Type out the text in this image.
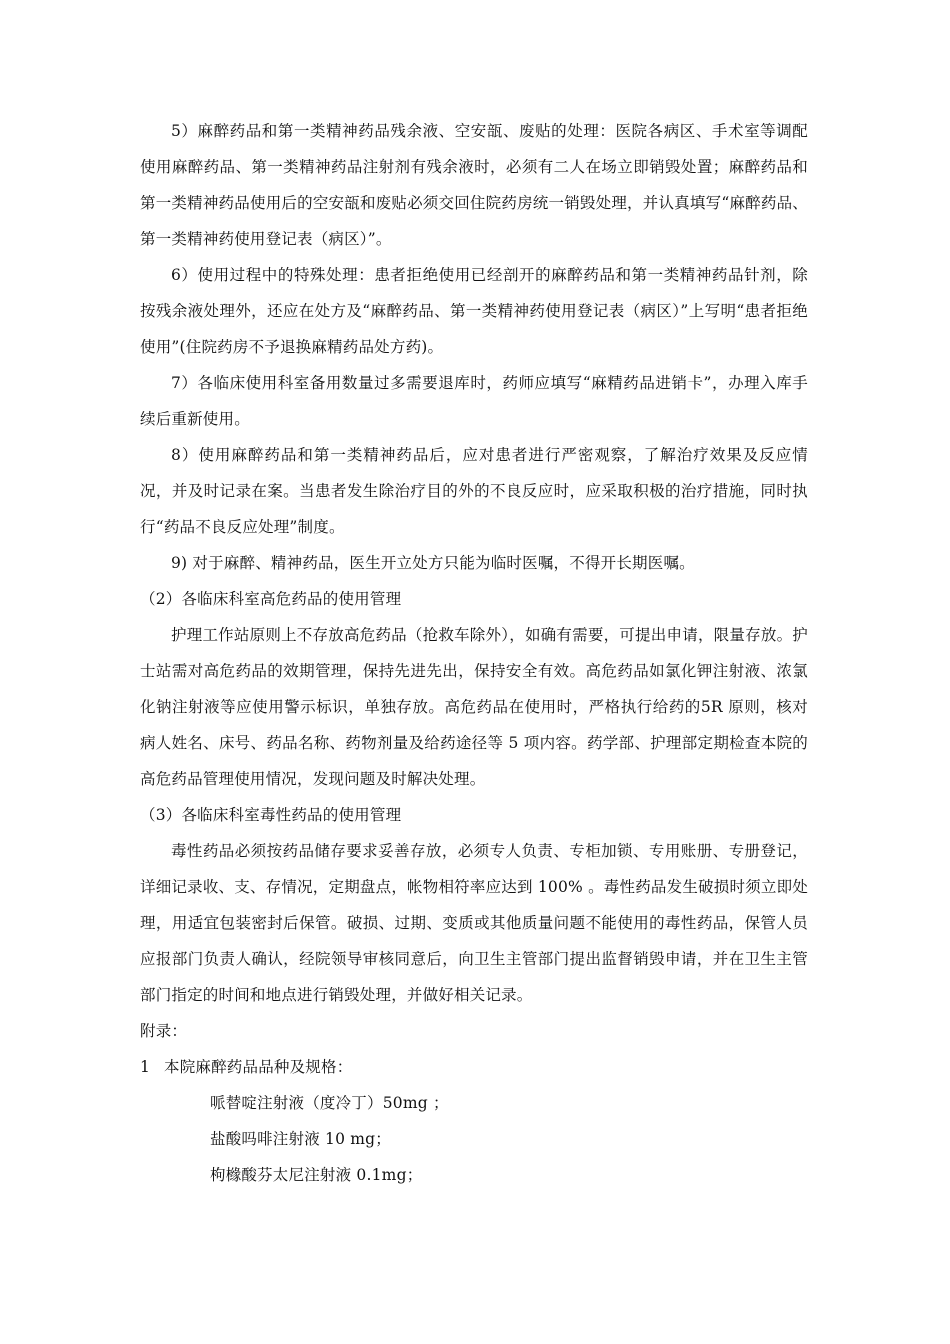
5）麻醉药品和第一类精神药品残余液、空安瓿、废贴的处理：医院各病区、手术室等调配使用麻醉药品、第一类精神药品注射剂有残余液时，必须有二人在场立即销毁处置；麻醉药品和第一类精神药品使用后的空安瓿和废贴必须交回住院药房统一销毁处理，并认真填写“麻醉药品、第一类精神药使用登记表（病区）”。

6）使用过程中的特殊处理：患者拒绝使用已经剖开的麻醉药品和第一类精神药品针剂，除按残余液处理外，还应在处方及“麻醉药品、第一类精神药使用登记表（病区）”上写明“患者拒绝使用”(住院药房不予退换麻精药品处方药)。

7）各临床使用科室备用数量过多需要退库时，药师应填写“麻精药品进销卡”，办理入库手续后重新使用。

8）使用麻醉药品和第一类精神药品后，应对患者进行严密观察，了解治疗效果及反应情况，并及时记录在案。当患者发生除治疗目的外的不良反应时，应采取积极的治疗措施，同时执行“药品不良反应处理”制度。

9) 对于麻醉、精神药品，医生开立处方只能为临时医嘱，不得开长期医嘱。

（2）各临床科室高危药品的使用管理

护理工作站原则上不存放高危药品（抢救车除外），如确有需要，可提出申请，限量存放。护士站需对高危药品的效期管理，保持先进先出，保持安全有效。高危药品如氯化钾注射液、浓氯化钠注射液等应使用警示标识，单独存放。高危药品在使用时，严格执行给药的5R 原则，核对病人姓名、床号、药品名称、药物剂量及给药途径等 5 项内容。药学部、护理部定期检查本院的高危药品管理使用情况，发现问题及时解决处理。

（3）各临床科室毒性药品的使用管理

毒性药品必须按药品储存要求妥善存放，必须专人负责、专柜加锁、专用账册、专册登记，详细记录收、支、存情况，定期盘点，帐物相符率应达到 100% 。毒性药品发生破损时须立即处理，用适宜包装密封后保管。破损、过期、变质或其他质量问题不能使用的毒性药品，保管人员应报部门负责人确认，经院领导审核同意后，向卫生主管部门提出监督销毁申请，并在卫生主管部门指定的时间和地点进行销毁处理，并做好相关记录。

附录：

1 本院麻醉药品品种及规格：

哌替啶注射液（度冷丁）50mg ；

盐酸吗啡注射液 10 mg；

枸橼酸芬太尼注射液 0.1mg；
